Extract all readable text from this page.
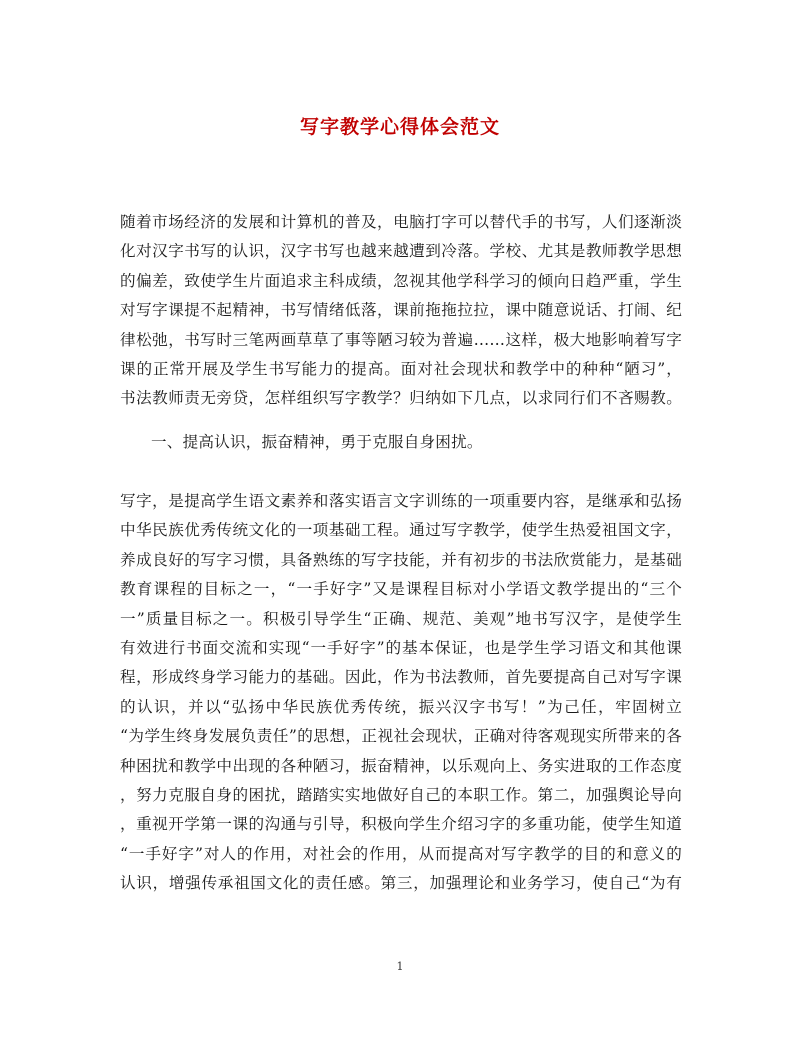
写字教学心得体会范文
随着市场经济的发展和计算机的普及，电脑打字可以替代手的书写，人们逐渐淡
化对汉字书写的认识，汉字书写也越来越遭到冷落。学校、尤其是教师教学思想
的偏差，致使学生片面追求主科成绩，忽视其他学科学习的倾向日趋严重，学生
对写字课提不起精神，书写情绪低落，课前拖拖拉拉，课中随意说话、打闹、纪
律松弛，书写时三笔两画草草了事等陋习较为普遍……这样，极大地影响着写字
课的正常开展及学生书写能力的提高。面对社会现状和教学中的种种“陋习”，
书法教师责无旁贷，怎样组织写字教学？归纳如下几点，以求同行们不吝赐教。
一、提高认识，振奋精神，勇于克服自身困扰。
写字，是提高学生语文素养和落实语言文字训练的一项重要内容，是继承和弘扬
中华民族优秀传统文化的一项基础工程。通过写字教学，使学生热爱祖国文字，
养成良好的写字习惯，具备熟练的写字技能，并有初步的书法欣赏能力，是基础
教育课程的目标之一，“一手好字”又是课程目标对小学语文教学提出的“三个
一”质量目标之一。积极引导学生“正确、规范、美观”地书写汉字，是使学生
有效进行书面交流和实现“一手好字”的基本保证，也是学生学习语文和其他课
程，形成终身学习能力的基础。因此，作为书法教师，首先要提高自己对写字课
的认识，并以“弘扬中华民族优秀传统，振兴汉字书写！”为己任，牢固树立
“为学生终身发展负责任”的思想，正视社会现状，正确对待客观现实所带来的各
种困扰和教学中出现的各种陋习，振奋精神，以乐观向上、务实进取的工作态度
，努力克服自身的困扰，踏踏实实地做好自己的本职工作。第二，加强舆论导向
，重视开学第一课的沟通与引导，积极向学生介绍习字的多重功能，使学生知道
“一手好字”对人的作用，对社会的作用，从而提高对写字教学的目的和意义的
认识，增强传承祖国文化的责任感。第三，加强理论和业务学习，使自己“为有
1
